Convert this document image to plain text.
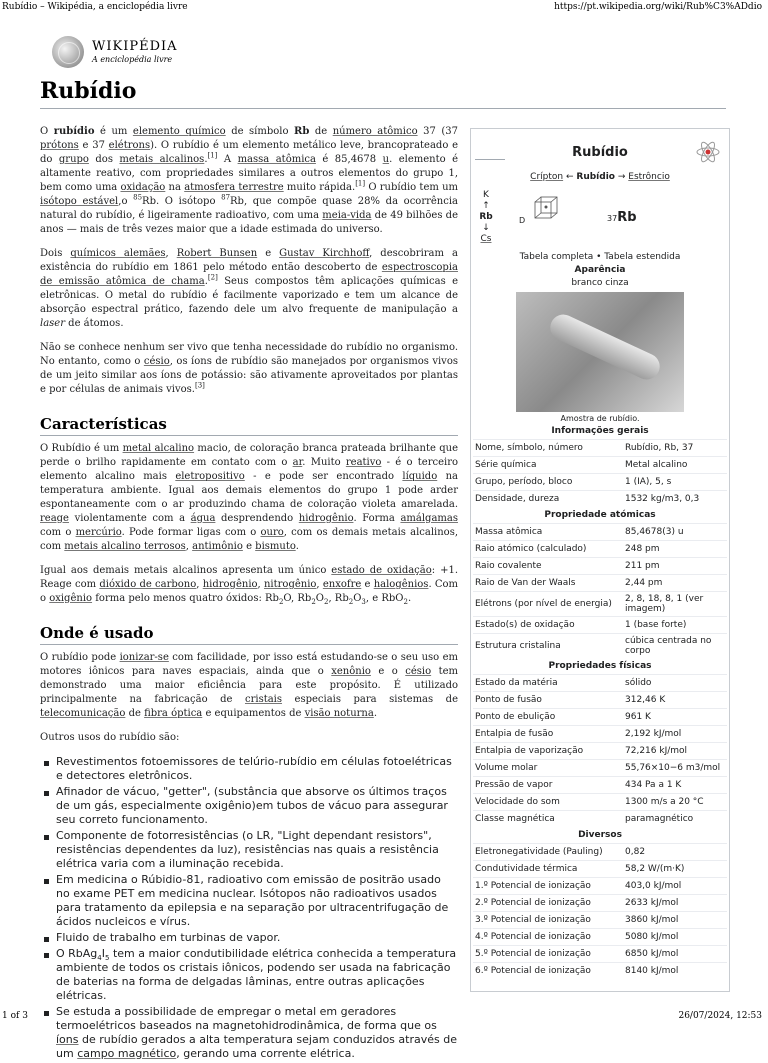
Rubídio – Wikipédia, a enciclopédia livre	https://pt.wikipedia.org/wiki/Rub%C3%ADdio
1 of 3	26/07/2024, 12:53
WIKIPÉDIA
A enciclopédia livre
Rubídio

O rubídio é um elemento químico de símbolo Rb de número atômico 37 (37 prótons e 37 elétrons). O rubídio é um elemento metálico leve, brancoprateado e do grupo dos metais alcalinos.[1] A massa atômica é 85,4678 u. elemento é altamente reativo, com propriedades similares a outros elementos do grupo 1, bem como uma oxidação na atmosfera terrestre muito rápida.[1] O rubídio tem um isótopo estável,o $^{85}$Rb. O isótopo $^{87}$Rb, que compõe quase 28% da ocorrência natural do rubídio, é ligeiramente radioativo, com uma meia-vida de 49 bilhões de anos — mais de três vezes maior que a idade estimada do universo.

Dois químicos alemães, Robert Bunsen e Gustav Kirchhoff, descobriram a existência do rubídio em 1861 pelo método então descoberto de espectroscopia de emissão atômica de chama.[2] Seus compostos têm aplicações químicas e eletrônicas. O metal do rubídio é facilmente vaporizado e tem um alcance de absorção espectral prático, fazendo dele um alvo frequente de manipulação a laser de átomos.

Não se conhece nenhum ser vivo que tenha necessidade do rubídio no organismo. No entanto, como o césio, os íons de rubídio são manejados por organismos vivos de um jeito similar aos íons de potássio: são ativamente aproveitados por plantas e por células de animais vivos.[3]

Características

O Rubídio é um metal alcalino macio, de coloração branca prateada brilhante que perde o brilho rapidamente em contato com o ar. Muito reativo - é o terceiro elemento alcalino mais eletropositivo - e pode ser encontrado líquido na temperatura ambiente. Igual aos demais elementos do grupo 1 pode arder espontaneamente com o ar produzindo chama de coloração violeta amarelada. reage violentamente com a água desprendendo hidrogênio. Forma amálgamas com o mercúrio. Pode formar ligas com o ouro, com os demais metais alcalinos, com metais alcalino terrosos, antimônio e bismuto.

Igual aos demais metais alcalinos apresenta um único estado de oxidação: +1. Reage com dióxido de carbono, hidrogênio, nitrogênio, enxofre e halogênios. Com o oxigênio forma pelo menos quatro óxidos: $Rb_2O$, $Rb_2O_2$, $Rb_2O_3$, e RbO$_2$.

Onde é usado

O rubídio pode ionizar-se com facilidade, por isso está estudando-se o seu uso em motores iônicos para naves espaciais, ainda que o xenônio e o césio tem demonstrado uma maior eficiência para este propósito. É utilizado principalmente na fabricação de cristais especiais para sistemas de telecomunicação de fibra óptica e equipamentos de visão noturna.

Outros usos do rubídio são:

Revestimentos fotoemissores de telúrio-rubídio em células fotoelétricas e detectores eletrônicos.
Afinador de vácuo, "getter", (substância que absorve os últimos traços de um gás, especialmente oxigênio)em tubos de vácuo para assegurar seu correto funcionamento.
Componente de fotorresistências (o LR, "Light dependant resistors", resistências dependentes da luz), resistências nas quais a resistência elétrica varia com a iluminação recebida.
Em medicina o Rúbidio-81, radioativo com emissão de positrão usado no exame PET em medicina nuclear. Isótopos não radioativos usados para tratamento da epilepsia e na separação por ultracentrifugação de ácidos nucleicos e vírus.
Fluido de trabalho em turbinas de vapor.
O $RbAg_4I_5$ tem a maior condutibilidade elétrica conhecida a temperatura ambiente de todos os cristais iônicos, podendo ser usada na fabricação de baterias na forma de delgadas lâminas, entre outras aplicações elétricas.
Se estuda a possibilidade de empregar o metal em geradores termoelétricos baseados na magnetohidrodinâmica, de forma que os íons de rubídio gerados a alta temperatura sejam conduzidos através de um campo magnético, gerando uma corrente elétrica.
Rubídio
Crípton ← Rubídio → Estrôncio
K
↑
Rb
↓
Cs
D	37Rb
Tabela completa • Tabela estendida
Aparência
branco cinza
Amostra de rubídio.
Informações gerais
Nome, símbolo, número	Rubídio, Rb, 37
Série química	Metal alcalino
Grupo, período, bloco	1 (IA), 5, s
Densidade, dureza	1532 kg/m3, 0,3
Propriedade atómicas
Massa atômica	85,4678(3) u
Raio atómico (calculado)	248 pm
Raio covalente	211 pm
Raio de Van der Waals	2,44 pm
Elétrons (por nível de energia)	2, 8, 18, 8, 1 (ver imagem)
Estado(s) de oxidação	1 (base forte)
Estrutura cristalina	cúbica centrada no corpo
Propriedades físicas
Estado da matéria	sólido
Ponto de fusão	312,46 K
Ponto de ebulição	961 K
Entalpia de fusão	2,192 kJ/mol
Entalpia de vaporização	72,216 kJ/mol
Volume molar	55,76×10−6 m3/mol
Pressão de vapor	434 Pa a 1 K
Velocidade do som	1300 m/s a 20 °C
Classe magnética	paramagnético
Diversos
Eletronegatividade (Pauling)	0,82
Condutividade térmica	58,2 W/(m·K)
1.º Potencial de ionização	403,0 kJ/mol
2.º Potencial de ionização	2633 kJ/mol
3.º Potencial de ionização	3860 kJ/mol
4.º Potencial de ionização	5080 kJ/mol
5.º Potencial de ionização	6850 kJ/mol
6.º Potencial de ionização	8140 kJ/mol
